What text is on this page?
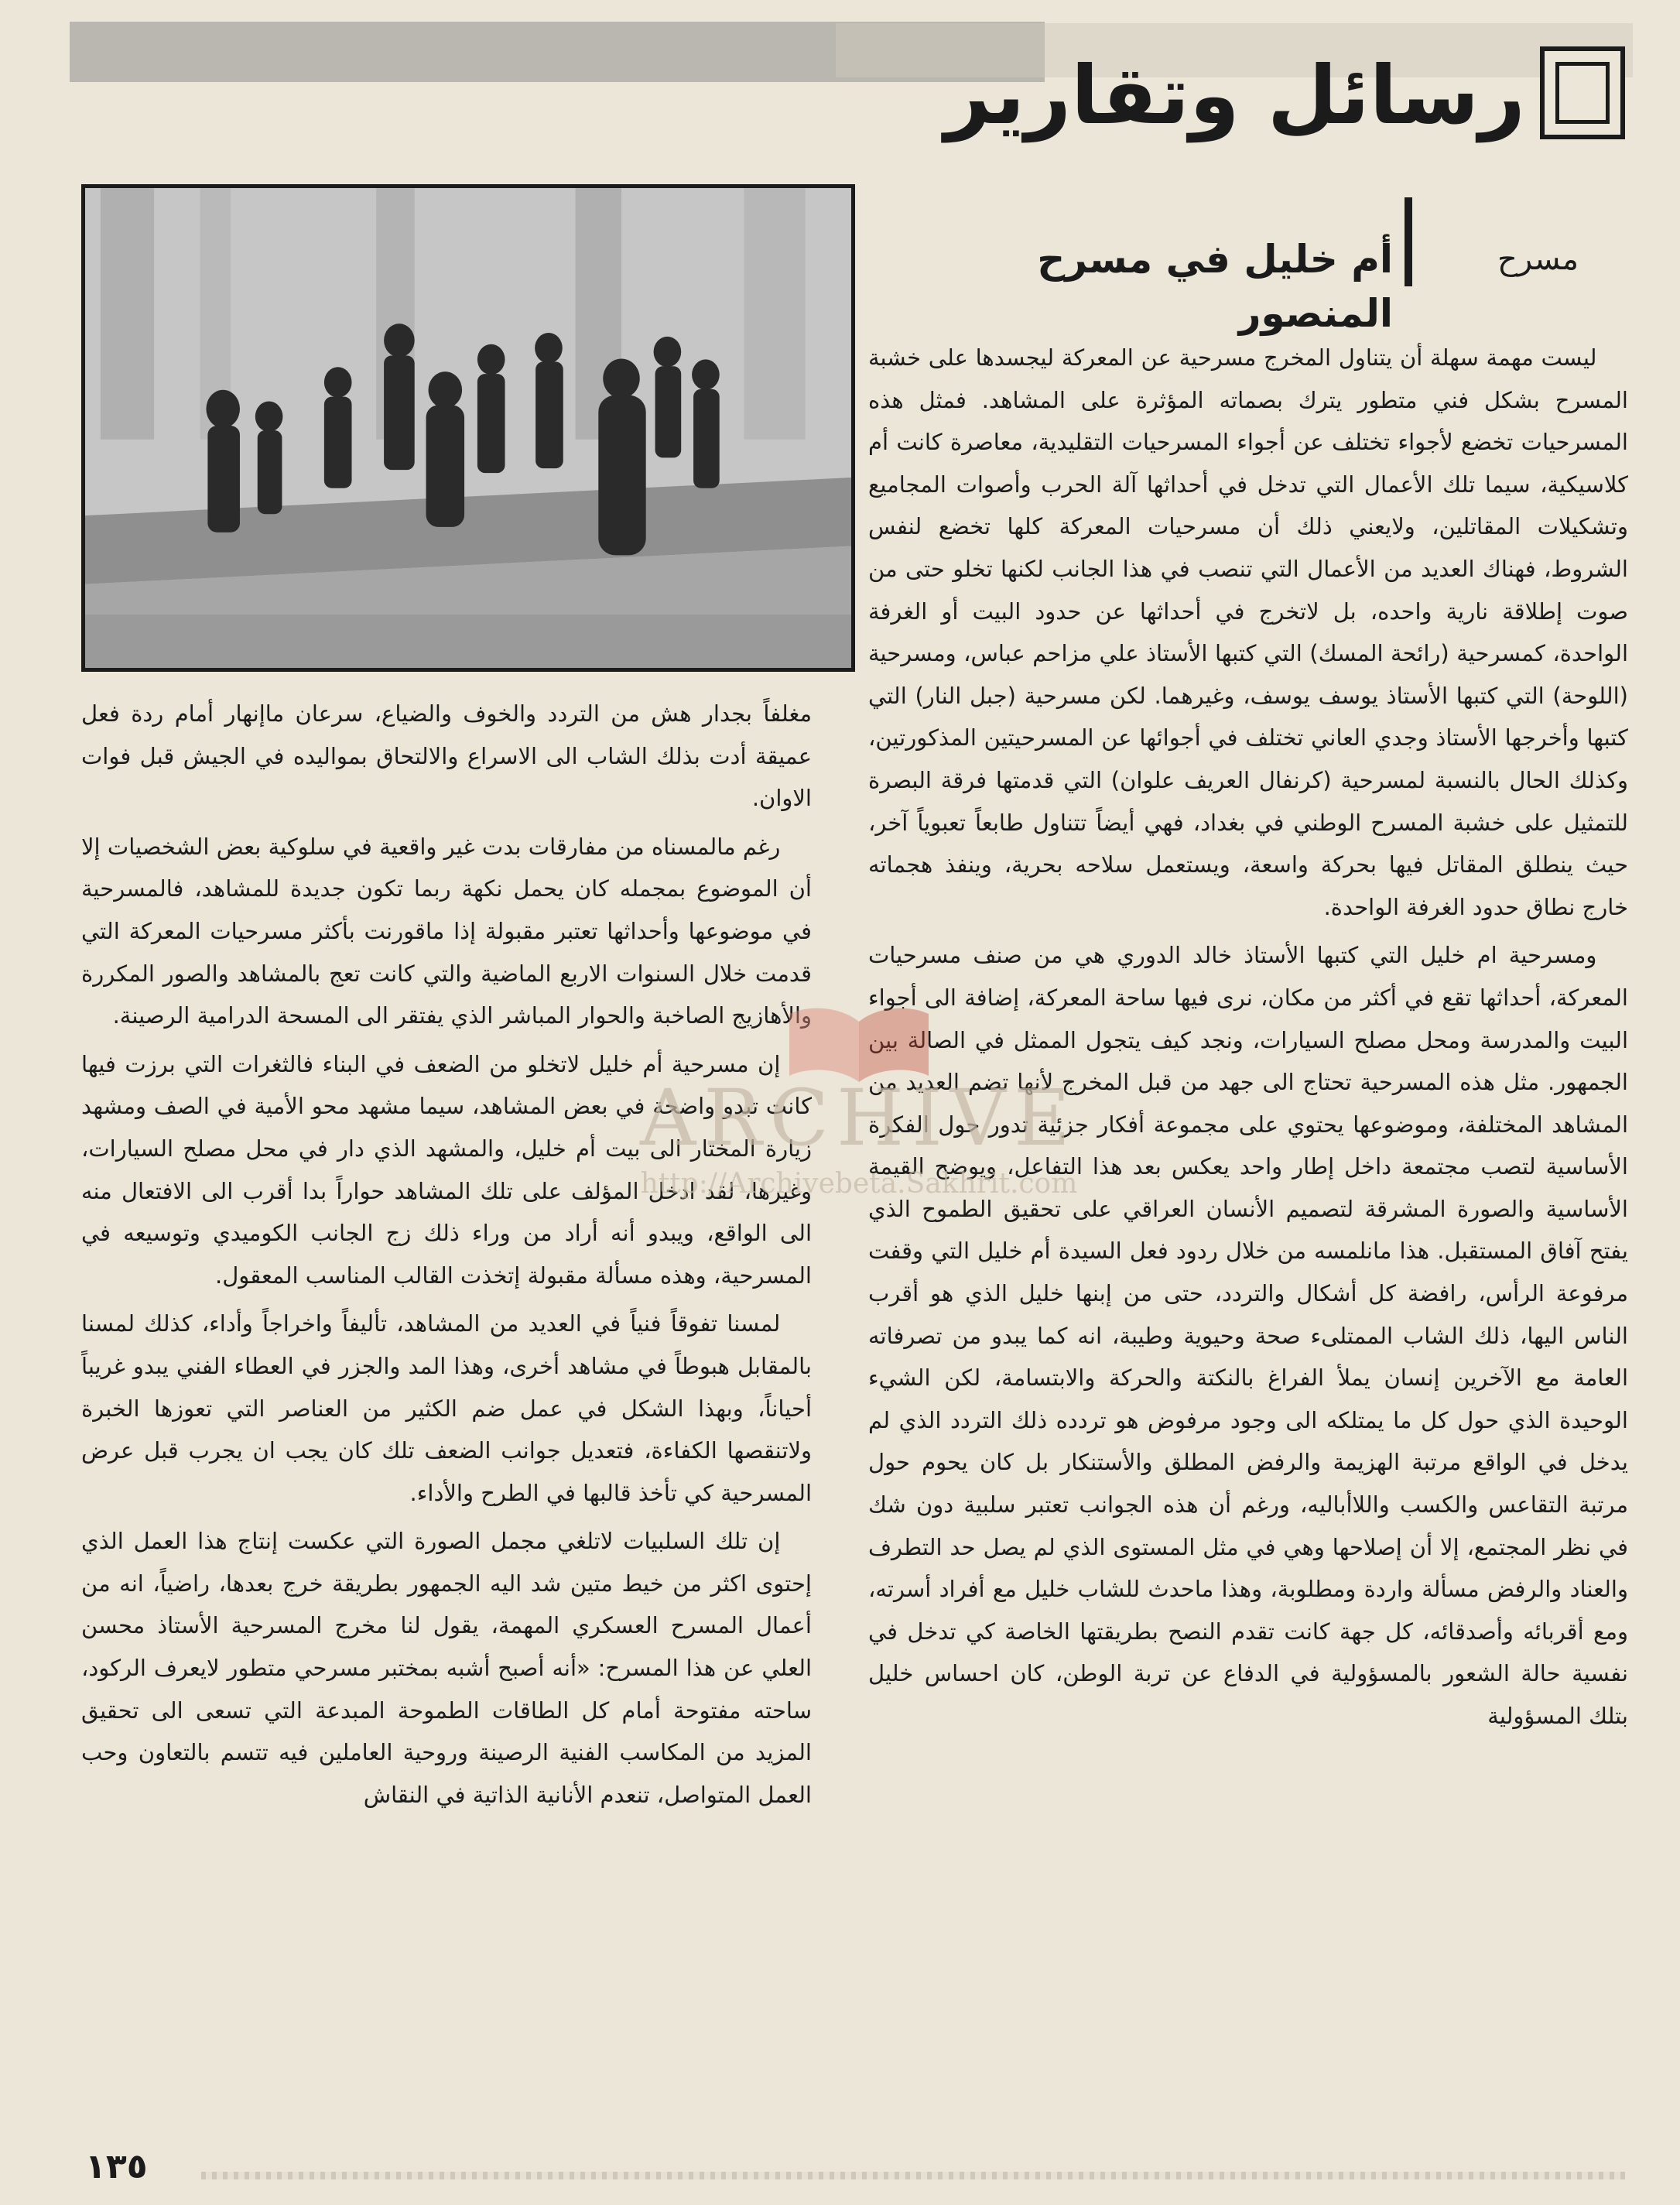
رسائل وتقارير
مسرح
أم خليل في مسرح المنصور

ليست مهمة سهلة أن يتناول المخرج مسرحية عن المعركة ليجسدها على خشبة المسرح بشكل فني متطور يترك بصماته المؤثرة على المشاهد. فمثل هذه المسرحيات تخضع لأجواء تختلف عن أجواء المسرحيات التقليدية، معاصرة كانت أم كلاسيكية، سيما تلك الأعمال التي تدخل في أحداثها آلة الحرب وأصوات المجاميع وتشكيلات المقاتلين، ولايعني ذلك أن مسرحيات المعركة كلها تخضع لنفس الشروط، فهناك العديد من الأعمال التي تنصب في هذا الجانب لكنها تخلو حتى من صوت إطلاقة نارية واحده، بل لاتخرج في أحداثها عن حدود البيت أو الغرفة الواحدة، كمسرحية (رائحة المسك) التي كتبها الأستاذ علي مزاحم عباس، ومسرحية (اللوحة) التي كتبها الأستاذ يوسف يوسف، وغيرهما. لكن مسرحية (جبل النار) التي كتبها وأخرجها الأستاذ وجدي العاني تختلف في أجوائها عن المسرحيتين المذكورتين، وكذلك الحال بالنسبة لمسرحية (كرنفال العريف علوان) التي قدمتها فرقة البصرة للتمثيل على خشبة المسرح الوطني في بغداد، فهي أيضاً تتناول طابعاً تعبوياً آخر، حيث ينطلق المقاتل فيها بحركة واسعة، ويستعمل سلاحه بحرية، وينفذ هجماته خارج نطاق حدود الغرفة الواحدة.

ومسرحية ام خليل التي كتبها الأستاذ خالد الدوري هي من صنف مسرحيات المعركة، أحداثها تقع في أكثر من مكان، نرى فيها ساحة المعركة، إضافة الى أجواء البيت والمدرسة ومحل مصلح السيارات، ونجد كيف يتجول الممثل في الصالة بين الجمهور. مثل هذه المسرحية تحتاج الى جهد من قبل المخرج لأنها تضم العديد من المشاهد المختلفة، وموضوعها يحتوي على مجموعة أفكار جزئية تدور حول الفكرة الأساسية لتصب مجتمعة داخل إطار واحد يعكس بعد هذا التفاعل، ويوضح القيمة الأساسية والصورة المشرقة لتصميم الأنسان العراقي على تحقيق الطموح الذي يفتح آفاق المستقبل. هذا مانلمسه من خلال ردود فعل السيدة أم خليل التي وقفت مرفوعة الرأس، رافضة كل أشكال والتردد، حتى من إبنها خليل الذي هو أقرب الناس اليها، ذلك الشاب الممتلىء صحة وحيوية وطيبة، انه كما يبدو من تصرفاته العامة مع الآخرين إنسان يملأ الفراغ بالنكتة والحركة والابتسامة، لكن الشيء الوحيدة الذي حول كل ما يمتلكه الى وجود مرفوض هو تردده ذلك التردد الذي لم يدخل في الواقع مرتبة الهزيمة والرفض المطلق والأستنكار بل كان يحوم حول مرتبة التقاعس والكسب واللاأباليه، ورغم أن هذه الجوانب تعتبر سلبية دون شك في نظر المجتمع، إلا أن إصلاحها وهي في مثل المستوى الذي لم يصل حد التطرف والعناد والرفض مسألة واردة ومطلوبة، وهذا ماحدث للشاب خليل مع أفراد أسرته، ومع أقربائه وأصدقائه، كل جهة كانت تقدم النصح بطريقتها الخاصة كي تدخل في نفسية حالة الشعور بالمسؤولية في الدفاع عن تربة الوطن، كان احساس خليل بتلك المسؤولية

مغلفاً بجدار هش من التردد والخوف والضياع، سرعان ماإنهار أمام ردة فعل عميقة أدت بذلك الشاب الى الاسراع والالتحاق بمواليده في الجيش قبل فوات الاوان.

رغم مالمسناه من مفارقات بدت غير واقعية في سلوكية بعض الشخصيات إلا أن الموضوع بمجمله كان يحمل نكهة ربما تكون جديدة للمشاهد، فالمسرحية في موضوعها وأحداثها تعتبر مقبولة إذا ماقورنت بأكثر مسرحيات المعركة التي قدمت خلال السنوات الاربع الماضية والتي كانت تعج بالمشاهد والصور المكررة والأهازيج الصاخبة والحوار المباشر الذي يفتقر الى المسحة الدرامية الرصينة.

إن مسرحية أم خليل لاتخلو من الضعف في البناء فالثغرات التي برزت فيها كانت تبدو واضحة في بعض المشاهد، سيما مشهد محو الأمية في الصف ومشهد زيارة المختار الى بيت أم خليل، والمشهد الذي دار في محل مصلح السيارات، وغيرها، لقد ادخل المؤلف على تلك المشاهد حواراً بدا أقرب الى الافتعال منه الى الواقع، ويبدو أنه أراد من وراء ذلك زج الجانب الكوميدي وتوسيعه في المسرحية، وهذه مسألة مقبولة إتخذت القالب المناسب المعقول.

لمسنا تفوقاً فنياً في العديد من المشاهد، تأليفاً واخراجاً وأداء، كذلك لمسنا بالمقابل هبوطاً في مشاهد أخرى، وهذا المد والجزر في العطاء الفني يبدو غريباً أحياناً، وبهذا الشكل في عمل ضم الكثير من العناصر التي تعوزها الخبرة ولاتنقصها الكفاءة، فتعديل جوانب الضعف تلك كان يجب ان يجرب قبل عرض المسرحية كي تأخذ قالبها في الطرح والأداء.

إن تلك السلبيات لاتلغي مجمل الصورة التي عكست إنتاج هذا العمل الذي إحتوى اكثر من خيط متين شد اليه الجمهور بطريقة خرج بعدها، راضياً، انه من أعمال المسرح العسكري المهمة، يقول لنا مخرج المسرحية الأستاذ محسن العلي عن هذا المسرح: «أنه أصبح أشبه بمختبر مسرحي متطور لايعرف الركود، ساحته مفتوحة أمام كل الطاقات الطموحة المبدعة التي تسعى الى تحقيق المزيد من المكاسب الفنية الرصينة وروحية العاملين فيه تتسم بالتعاون وحب العمل المتواصل، تنعدم الأنانية الذاتية في النقاش

ARCHIVE
http://Archivebeta.Sakhrit.com
١٣٥
